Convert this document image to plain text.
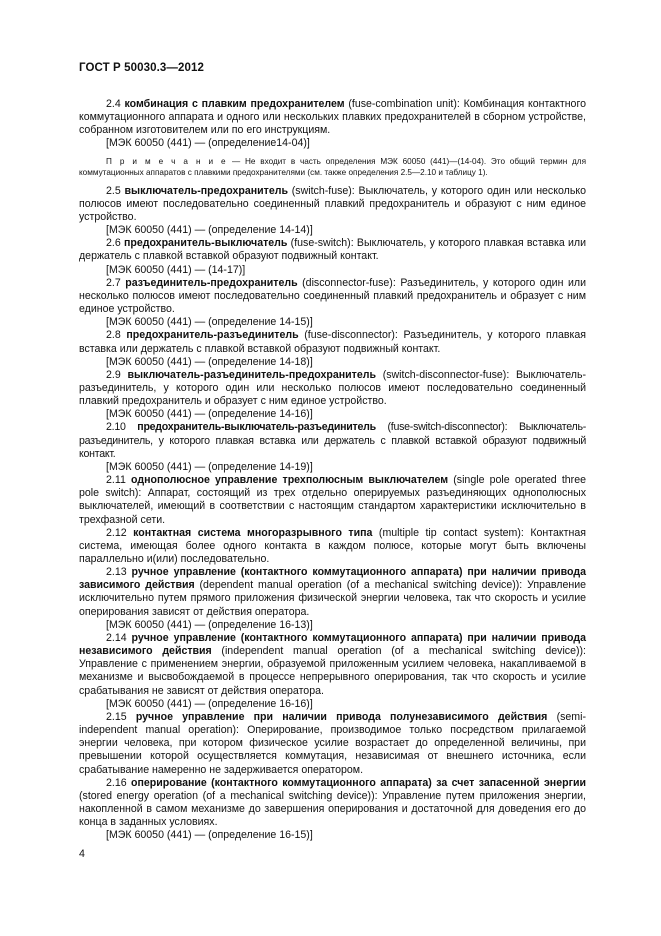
ГОСТ Р 50030.3—2012

2.4 комбинация с плавким предохранителем (fuse-combination unit): Комбинация контактного коммутационного аппарата и одного или нескольких плавких предохранителей в сборном устройстве, собранном изготовителем или по его инструкциям.

[МЭК 60050 (441) — (определение14-04)]

П р и м е ч а н и е — Не входит в часть определения МЭК 60050 (441)—(14-04). Это общий термин для коммутационных аппаратов с плавкими предохранителями (см. также определения 2.5—2.10 и таблицу 1).

2.5 выключатель-предохранитель (switch-fuse): Выключатель, у которого один или несколько полюсов имеют последовательно соединенный плавкий предохранитель и образуют с ним единое устройство.

[МЭК 60050 (441) — (определение 14-14)]

2.6 предохранитель-выключатель (fuse-switch): Выключатель, у которого плавкая вставка или держатель с плавкой вставкой образуют подвижный контакт.

[МЭК 60050 (441) — (14-17)]

2.7 разъединитель-предохранитель (disconnector-fuse): Разъединитель, у которого один или несколько полюсов имеют последовательно соединенный плавкий предохранитель и образует с ним единое устройство.

[МЭК 60050 (441) — (определение 14-15)]

2.8 предохранитель-разъединитель (fuse-disconnector): Разъединитель, у которого плавкая вставка или держатель с плавкой вставкой образуют подвижный контакт.

[МЭК 60050 (441) — (определение 14-18)]

2.9 выключатель-разъединитель-предохранитель (switch-disconnector-fuse): Выключатель-разъединитель, у которого один или несколько полюсов имеют последовательно соединенный плавкий предохранитель и образует с ним единое устройство.

[МЭК 60050 (441) — (определение 14-16)]

2.10 предохранитель-выключатель-разъединитель (fuse-switch-disconnector): Выключатель-разъединитель, у которого плавкая вставка или держатель с плавкой вставкой образуют подвижный контакт.

[МЭК 60050 (441) — (определение 14-19)]

2.11 однополюсное управление трехполюсным выключателем (single pole operated three pole switch): Аппарат, состоящий из трех отдельно оперируемых разъединяющих однополюсных выключателей, имеющий в соответствии с настоящим стандартом характеристики исключительно в трехфазной сети.

2.12 контактная система многоразрывного типа (multiple tip contact system): Контактная система, имеющая более одного контакта в каждом полюсе, которые могут быть включены параллельно и(или) последовательно.

2.13 ручное управление (контактного коммутационного аппарата) при наличии привода зависимого действия (dependent manual operation (of a mechanical switching device)): Управление исключительно путем прямого приложения физической энергии человека, так что скорость и усилие оперирования зависят от действия оператора.

[МЭК 60050 (441) — (определение 16-13)]

2.14 ручное управление (контактного коммутационного аппарата) при наличии привода независимого действия (independent manual operation (of a mechanical switching device)): Управление с применением энергии, образуемой приложенным усилием человека, накапливаемой в механизме и высвобождаемой в процессе непрерывного оперирования, так что скорость и усилие срабатывания не зависят от действия оператора.

[МЭК 60050 (441) — (определение 16-16)]

2.15 ручное управление при наличии привода полунезависимого действия (semi-independent manual operation): Оперирование, производимое только посредством прилагаемой энергии человека, при котором физическое усилие возрастает до определенной величины, при превышении которой осуществляется коммутация, независимая от внешнего источника, если срабатывание намеренно не задерживается оператором.

2.16 оперирование (контактного коммутационного аппарата) за счет запасенной энергии (stored energy operation (of a mechanical switching device)): Управление путем приложения энергии, накопленной в самом механизме до завершения оперирования и достаточной для доведения его до конца в заданных условиях.

[МЭК 60050 (441) — (определение 16-15)]

4
